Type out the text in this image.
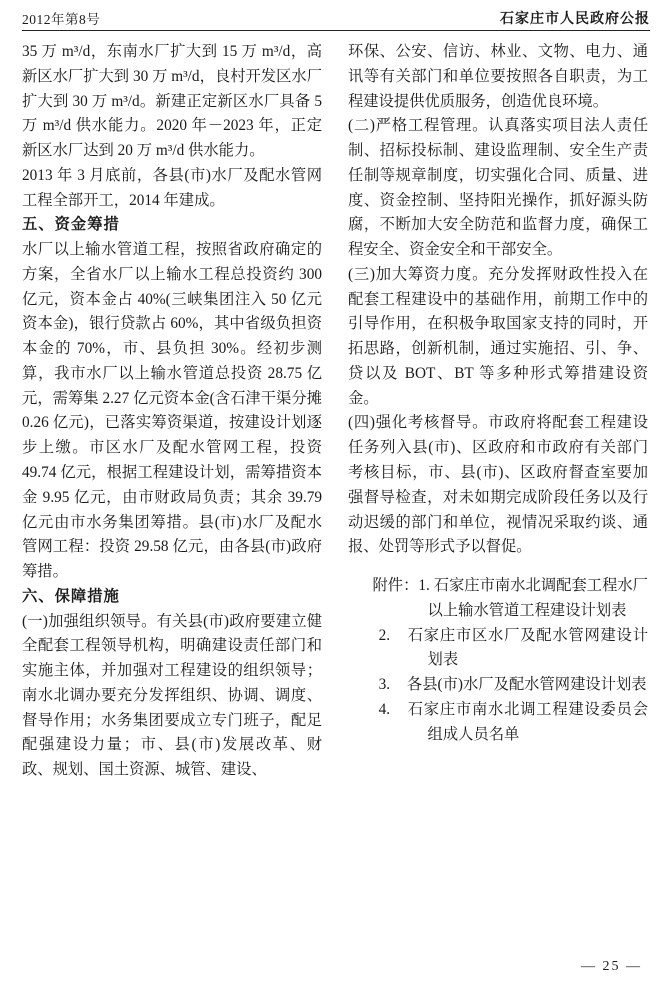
2012年第8号	石家庄市人民政府公报

35 万 m³/d，东南水厂扩大到 15 万 m³/d，高新区水厂扩大到 30 万 m³/d，良村开发区水厂扩大到 30 万 m³/d。新建正定新区水厂具备 5 万 m³/d 供水能力。2020 年－2023 年，正定新区水厂达到 20 万 m³/d 供水能力。

2013 年 3 月底前，各县(市)水厂及配水管网工程全部开工，2014 年建成。

五、资金筹措

水厂以上输水管道工程，按照省政府确定的方案，全省水厂以上输水工程总投资约 300 亿元，资本金占 40%(三峡集团注入 50 亿元资本金)，银行贷款占 60%，其中省级负担资本金的 70%，市、县负担 30%。经初步测算，我市水厂以上输水管道总投资 28.75 亿元，需筹集 2.27 亿元资本金(含石津干渠分摊 0.26 亿元)，已落实筹资渠道，按建设计划逐步上缴。市区水厂及配水管网工程，投资 49.74 亿元，根据工程建设计划，需筹措资本金 9.95 亿元，由市财政局负责；其余 39.79 亿元由市水务集团筹措。县(市)水厂及配水管网工程：投资 29.58 亿元，由各县(市)政府筹措。

六、保障措施

(一)加强组织领导。有关县(市)政府要建立健全配套工程领导机构，明确建设责任部门和实施主体，并加强对工程建设的组织领导；南水北调办要充分发挥组织、协调、调度、督导作用；水务集团要成立专门班子，配足配强建设力量；市、县(市)发展改革、财政、规划、国土资源、城管、建设、

环保、公安、信访、林业、文物、电力、通讯等有关部门和单位要按照各自职责，为工程建设提供优质服务，创造优良环境。

(二)严格工程管理。认真落实项目法人责任制、招标投标制、建设监理制、安全生产责任制等规章制度，切实强化合同、质量、进度、资金控制、坚持阳光操作，抓好源头防腐，不断加大安全防范和监督力度，确保工程安全、资金安全和干部安全。

(三)加大筹资力度。充分发挥财政性投入在配套工程建设中的基础作用，前期工作中的引导作用，在积极争取国家支持的同时，开拓思路，创新机制，通过实施招、引、争、贷以及 BOT、BT 等多种形式筹措建设资金。

(四)强化考核督导。市政府将配套工程建设任务列入县(市)、区政府和市政府有关部门考核目标，市、县(市)、区政府督查室要加强督导检查，对未如期完成阶段任务以及行动迟缓的部门和单位，视情况采取约谈、通报、处罚等形式予以督促。

附件：1. 石家庄市南水北调配套工程水厂以上输水管道工程建设计划表

2. 石家庄市区水厂及配水管网建设计划表
3. 各县(市)水厂及配水管网建设计划表
4. 石家庄市南水北调工程建设委员会组成人员名单
— 25 —
